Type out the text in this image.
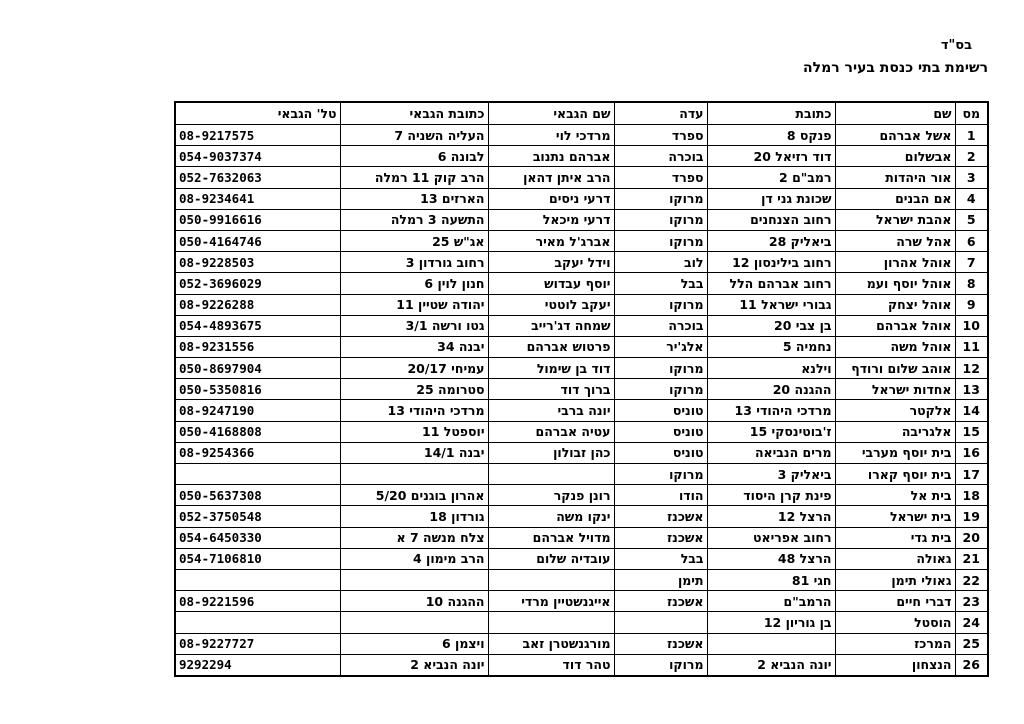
בס"ד
רשימת בתי כנסת בעיר רמלה
מס	שם	כתובת	עדה	שם הגבאי	כתובת הגבאי	טל' הגבאי
1	אשל אברהם	פנקס 8	ספרד	מרדכי לוי	העליה השניה 7	08-9217575
2	אבשלום	דוד רזיאל 20	בוכרה	אברהם נתנוב	לבונה 6	054-9037374
3	אור היהדות	רמב"ם 2	ספרד	הרב איתן דהאן	הרב קוק 11 רמלה	052-7632063
4	אם הבנים	שכונת גני דן	מרוקו	דרעי ניסים	הארזים 13	08-9234641
5	אהבת ישראל	רחוב הצנחנים	מרוקו	דרעי מיכאל	התשעה 3 רמלה	050-9916616
6	אהל שרה	ביאליק 28	מרוקו	אברג'ל מאיר	אג"ש 25	050-4164746
7	אוהל אהרון	רחוב בילינסון 12	לוב	וידל יעקב	רחוב גורדון 3	08-9228503
8	אוהל יוסף ועמ	רחוב אברהם הלל	בבל	יוסף עבדוש	חנון לוין 6	052-3696029
9	אוהל יצחק	גבורי ישראל 11	מרוקו	יעקב לוטטי	יהודה שטיין 11	08-9226288
10	אוהל אברהם	בן צבי 20	בוכרה	שמחה דג'רייב	גטו ורשה 3/1	054-4893675
11	אוהל משה	נחמיה 5	אלג'יר	פרטוש אברהם	יבנה 34	08-9231556
12	אוהב שלום ורודף	וילנא	מרוקו	דוד בן שימול	עמיחי 20/17	050-8697904
13	אחדות ישראל	ההגנה 20	מרוקו	ברוך דוד	סטרומה 25	050-5350816
14	אלקטר	מרדכי היהודי 13	טוניס	יונה ברבי	מרדכי היהודי 13	08-9247190
15	אלגריבה	ז'בוטינסקי 15	טוניס	עטיה אברהם	יוספטל 11	050-4168808
16	בית יוסף מערבי	מרים הנביאה	טוניס	כהן זבולון	יבנה 14/1	08-9254366
17	בית יוסף קארו	ביאליק 3	מרוקו			
18	בית אל	פינת קרן היסוד	הודו	רונן פנקר	אהרון בוגנים 5/20	050-5637308
19	בית ישראל	הרצל 12	אשכנז	ינקו משה	גורדון 18	052-3750548
20	בית גדי	רחוב אפריאט	אשכנז	מדויל אברהם	צלח מנשה 7 א	054-6450330
21	גאולה	הרצל 48	בבל	עובדיה שלום	הרב מימון 4	054-7106810
22	גאולי תימן	חגי 81	תימן			
23	דברי חיים	הרמב"ם	אשכנז	אייגנשטיין מרדי	ההגנה 10	08-9221596
24	הוסטל	בן גוריון 12				
25	המרכז		אשכנז	מורגנשטרן זאב	ויצמן 6	08-9227727
26	הנצחון	יונה הנביא 2	מרוקו	טהר דוד	יונה הנביא 2	9292294
